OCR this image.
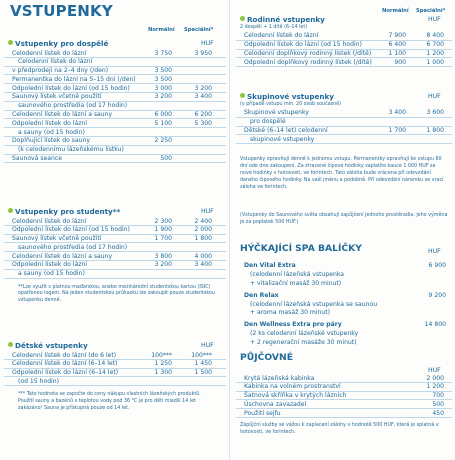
VSTUPENKY
Normální Speciální*
Vstupenky pro dospělé	HUF
Celodenní lístek do lázní	3 750	3 950
Celodenní lístek do lázní
v předprodeji na 2–4 dny (/den)	3 500
Permanentka do lázní na 5–15 dní (/den)	3 500
Odpolední lístek do lázní (od 15 hodin)	3 000	3 200
Saunový lístek včetně použití	3 200	3 400
saunového prostředia (od 17 hodin)
Celodenní lístek do lázní a sauny	6 000	6 200
Odpolední lístek do lázní	5 100	5 300
a sauny (od 15 hodin)
Doplňující lístek do sauny	2 250
(k celodennímu lázeňskému lístku)
Saunová seance	500
Vstupenky pro studenty**	HUF
Celodenní lístek do lázní	2 300	2 400
Odpolední lístek do lázní (od 15 hodin)	1 900	2 000
Saunový lístek včetně použití	1 700	1 800
saunového prostředia (od 17 hodin)
Celodenní lístek do lázní a sauny	3 800	4 000
Odpolední lístek do lázní	3 200	3 400
a sauny (od 15 hodin)
**Lze využít s platnou maďarskou, anebo mezinárodní studentskou kartou (ISIC) opatřenou logem. Na jeden studentskou průkazku lze zakoupit pouze studentskou vstupenku denně.
Dětské vstupenky	HUF
Celodenní lístek do lázní (do 6 let)	100***	100***
Celodenní lístek do lázní (6–14 let)	1 250	1 450
Odpolední lístek do lázní (6–14 let)	1 300	1 500
(od 15 hodin)
*** Tato hodnota se započte do ceny nákupu vlastních lázeňských produktů. Použití sauny a bazénů s teplotou vody pod 36 °C je pro děti mladší 14 let zakázáno! Sauna je přístupná pouze od 14 let.
Normální Speciální*
Rodinné vstupenky	HUF
2 dospělí + 1 dítě (6–14 let)
Celodenní lístek do lázní	7 900	8 400
Odpolední lístek do lázní (od 15 hodin)	6 400	6 700
Celodenní doplňkový rodinný lístek (/dítě)	1 100	1 200
Odpolední doplňkový rodinný lístek (/dítě)	900	1 000
Skupinové vstupenky	HUF
(v případě vstupu min. 20 osob současně)
Skupinové vstupenky	3 400	3 600
pro dospělé
Dětské (6–14 let) celodenní	1 700	1 800
skupinové vstupenky
Vstupenky opravňují denně k jednomu vstupu. Permanentky opravňují ke vstupu 60 dní ode dne zakoupení. Za ztracené čipové hodinky zaplatíte kauce 1 000 HUF za nové hodinky v hotovosti, ve forintech. Tato záloha bude vrácena při odevzdání daného čipového hodinky. Na vaší jménu a podobně. Při odevzdání náramku se vrací záloha ve forintech.
(Vstupenky do Saunového světa obsahují zapůjčení jednoho prostěradla, jeho výměna je za poplatek 500 HUF.)
HÝČKAJÍCÍ SPA BALÍČKY	HUF
Den Vital Extra	6 900
(celodenní lázeňská vstupenka
+ vitalizační masáž 30 minut)
Den Relax	9 200
(celodenní lázeňská vstupenka se saunou
+ aroma masáž 30 minut)
Den Wellness Extra pro páry	14 800
(2 ks celodenní lázeňské vstupenky
+ 2 regenerační masáže 30 minut)
PŮJČOVNÉ
HUF
Krytá lázeňská kabinka	2 000
Kabinka na volném prostranství	1 200
Šatnová skříňka v krytých lázních	700
Úschovna zavazadel	500
Použití sejfu	450
Zápůjční služby se vážou k zaplacení zálohy v hodnotě 500 HUF, která je splatná v hotovosti, ve forintech.
